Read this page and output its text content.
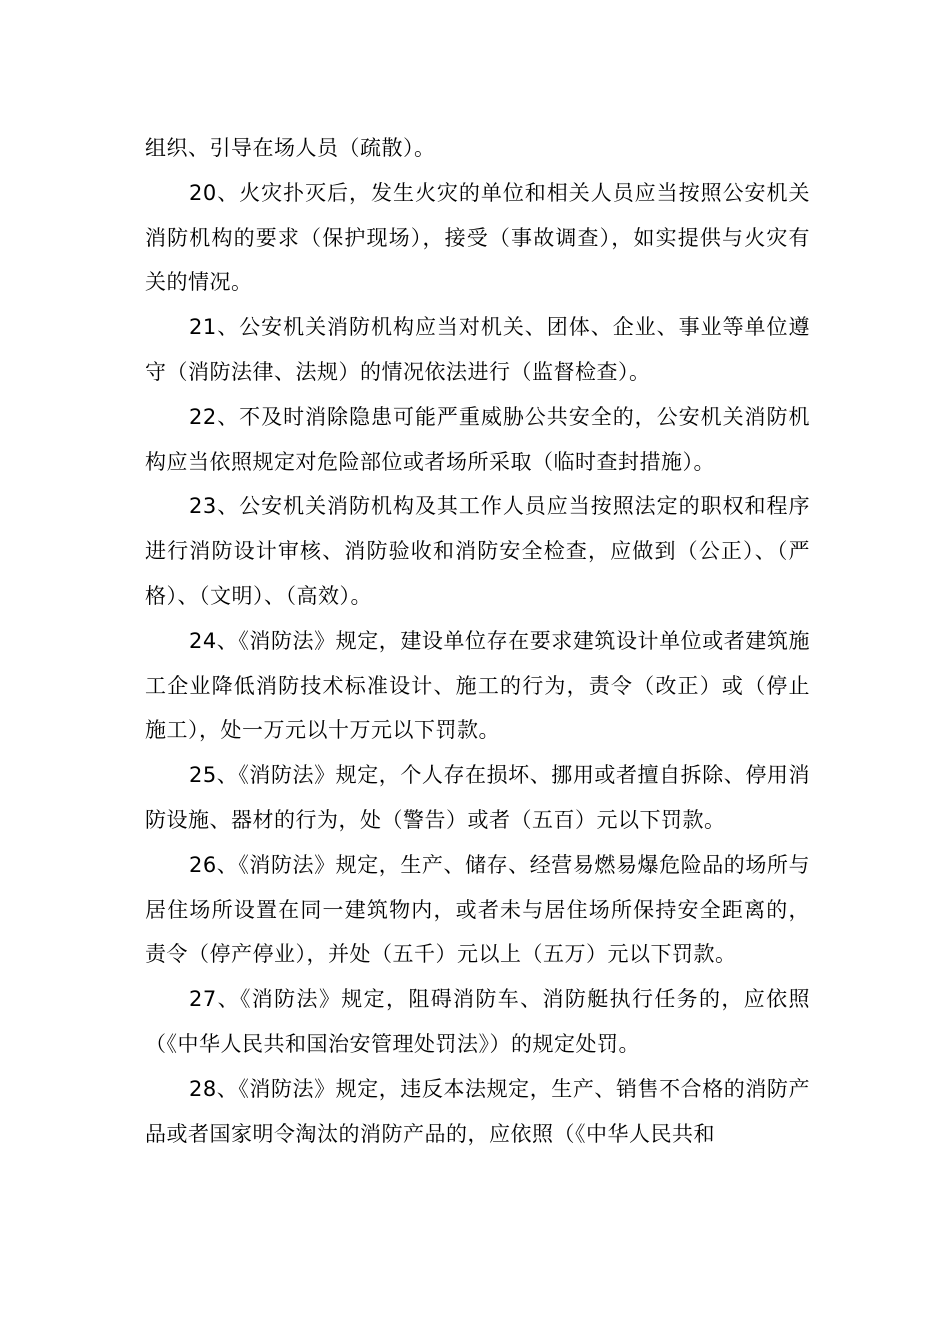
组织、引导在场人员（疏散）。

20、火灾扑灭后，发生火灾的单位和相关人员应当按照公安机关消防机构的要求（保护现场），接受（事故调查），如实提供与火灾有关的情况。

21、公安机关消防机构应当对机关、团体、企业、事业等单位遵守（消防法律、法规）的情况依法进行（监督检查）。

22、不及时消除隐患可能严重威胁公共安全的，公安机关消防机构应当依照规定对危险部位或者场所采取（临时查封措施）。

23、公安机关消防机构及其工作人员应当按照法定的职权和程序进行消防设计审核、消防验收和消防安全检查，应做到（公正）、（严格）、（文明）、（高效）。

24、《消防法》规定，建设单位存在要求建筑设计单位或者建筑施工企业降低消防技术标准设计、施工的行为，责令（改正）或（停止施工），处一万元以十万元以下罚款。

25、《消防法》规定，个人存在损坏、挪用或者擅自拆除、停用消防设施、器材的行为，处（警告）或者（五百）元以下罚款。

26、《消防法》规定，生产、储存、经营易燃易爆危险品的场所与居住场所设置在同一建筑物内，或者未与居住场所保持安全距离的，责令（停产停业），并处（五千）元以上（五万）元以下罚款。

27、《消防法》规定，阻碍消防车、消防艇执行任务的，应依照（《中华人民共和国治安管理处罚法》）的规定处罚。

28、《消防法》规定，违反本法规定，生产、销售不合格的消防产品或者国家明令淘汰的消防产品的，应依照（《中华人民共和
